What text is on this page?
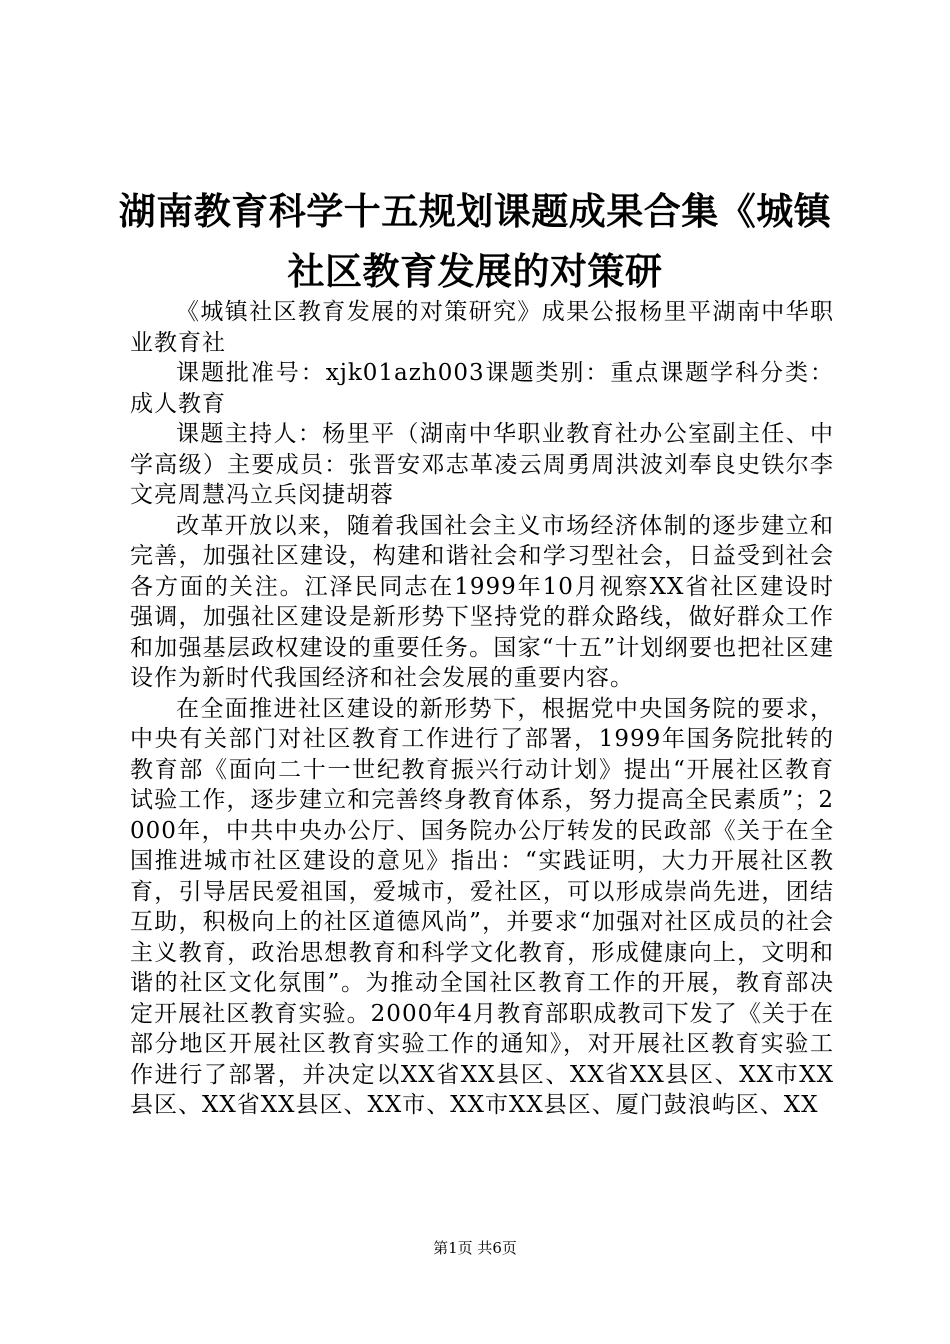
湖南教育科学十五规划课题成果合集《城镇社区教育发展的对策研

《城镇社区教育发展的对策研究》成果公报杨里平湖南中华职业教育社

课题批准号：xjk01azh003课题类别：重点课题学科分类：成人教育

课题主持人：杨里平（湖南中华职业教育社办公室副主任、中学高级）主要成员：张晋安邓志革凌云周勇周洪波刘奉良史铁尔李文亮周慧冯立兵闵捷胡蓉

改革开放以来，随着我国社会主义市场经济体制的逐步建立和完善，加强社区建设，构建和谐社会和学习型社会，日益受到社会各方面的关注。江泽民同志在1999年10月视察XX省社区建设时强调，加强社区建设是新形势下坚持党的群众路线，做好群众工作和加强基层政权建设的重要任务。国家“十五”计划纲要也把社区建设作为新时代我国经济和社会发展的重要内容。

在全面推进社区建设的新形势下，根据党中央国务院的要求，中央有关部门对社区教育工作进行了部署，1999年国务院批转的教育部《面向二十一世纪教育振兴行动计划》提出“开展社区教育试验工作，逐步建立和完善终身教育体系，努力提高全民素质”；2000年，中共中央办公厅、国务院办公厅转发的民政部《关于在全国推进城市社区建设的意见》指出：“实践证明，大力开展社区教育，引导居民爱祖国，爱城市，爱社区，可以形成崇尚先进，团结互助，积极向上的社区道德风尚”，并要求“加强对社区成员的社会主义教育，政治思想教育和科学文化教育，形成健康向上，文明和谐的社区文化氛围”。为推动全国社区教育工作的开展，教育部决定开展社区教育实验。2000年4月教育部职成教司下发了《关于在部分地区开展社区教育实验工作的通知》，对开展社区教育实验工作进行了部署，并决定以XX省XX县区、XX省XX县区、XX市XX县区、XX省XX县区、XX市、XX市XX县区、厦门鼓浪屿区、XX

第1页 共6页
